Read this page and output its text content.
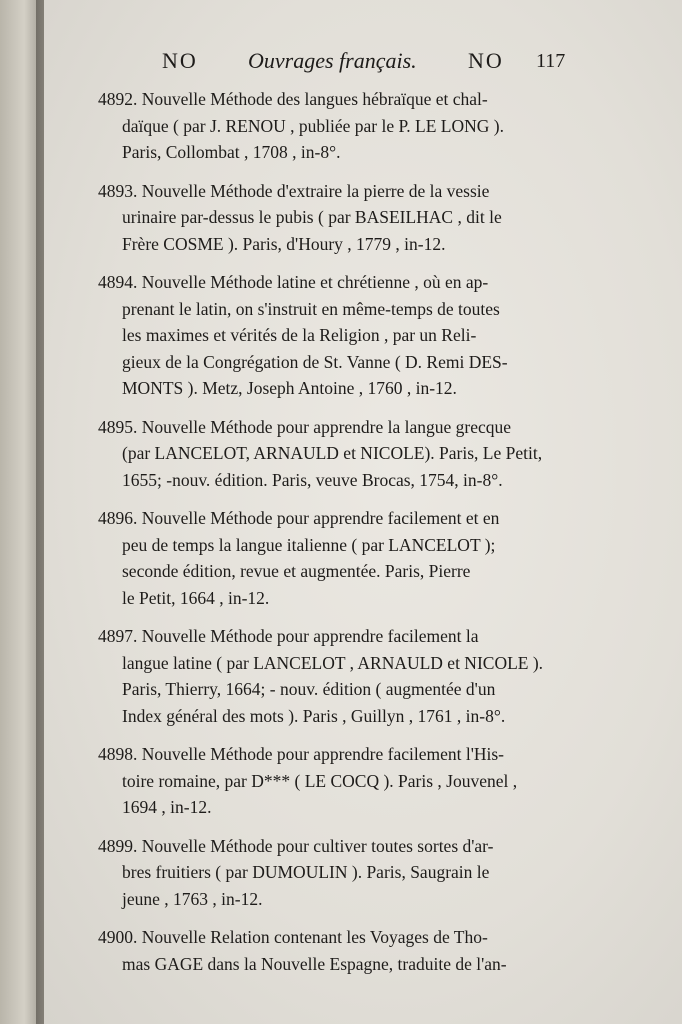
NO Ouvrages français. NO 117
4892. Nouvelle Méthode des langues hébraïque et chal-
daïque ( par J. RENOU , publiée par le P. LE LONG ).
Paris, Collombat , 1708 , in-8°.
4893. Nouvelle Méthode d'extraire la pierre de la vessie
urinaire par-dessus le pubis ( par BASEILHAC , dit le
Frère COSME ). Paris, d'Houry , 1779 , in-12.
4894. Nouvelle Méthode latine et chrétienne , où en ap-
prenant le latin, on s'instruit en même-temps de toutes
les maximes et vérités de la Religion , par un Reli-
gieux de la Congrégation de St. Vanne ( D. Remi DES-
MONTS ). Metz, Joseph Antoine , 1760 , in-12.
4895. Nouvelle Méthode pour apprendre la langue grecque
(par LANCELOT, ARNAULD et NICOLE). Paris, Le Petit,
1655; -nouv. édition. Paris, veuve Brocas, 1754, in-8°.
4896. Nouvelle Méthode pour apprendre facilement et en
peu de temps la langue italienne ( par LANCELOT );
seconde édition, revue et augmentée. Paris, Pierre
le Petit, 1664 , in-12.
4897. Nouvelle Méthode pour apprendre facilement la
langue latine ( par LANCELOT , ARNAULD et NICOLE ).
Paris, Thierry, 1664; - nouv. édition ( augmentée d'un
Index général des mots ). Paris , Guillyn , 1761 , in-8°.
4898. Nouvelle Méthode pour apprendre facilement l'His-
toire romaine, par D*** ( LE COCQ ). Paris , Jouvenel ,
1694 , in-12.
4899. Nouvelle Méthode pour cultiver toutes sortes d'ar-
bres fruitiers ( par DUMOULIN ). Paris, Saugrain le
jeune , 1763 , in-12.
4900. Nouvelle Relation contenant les Voyages de Tho-
mas GAGE dans la Nouvelle Espagne, traduite de l'an-
